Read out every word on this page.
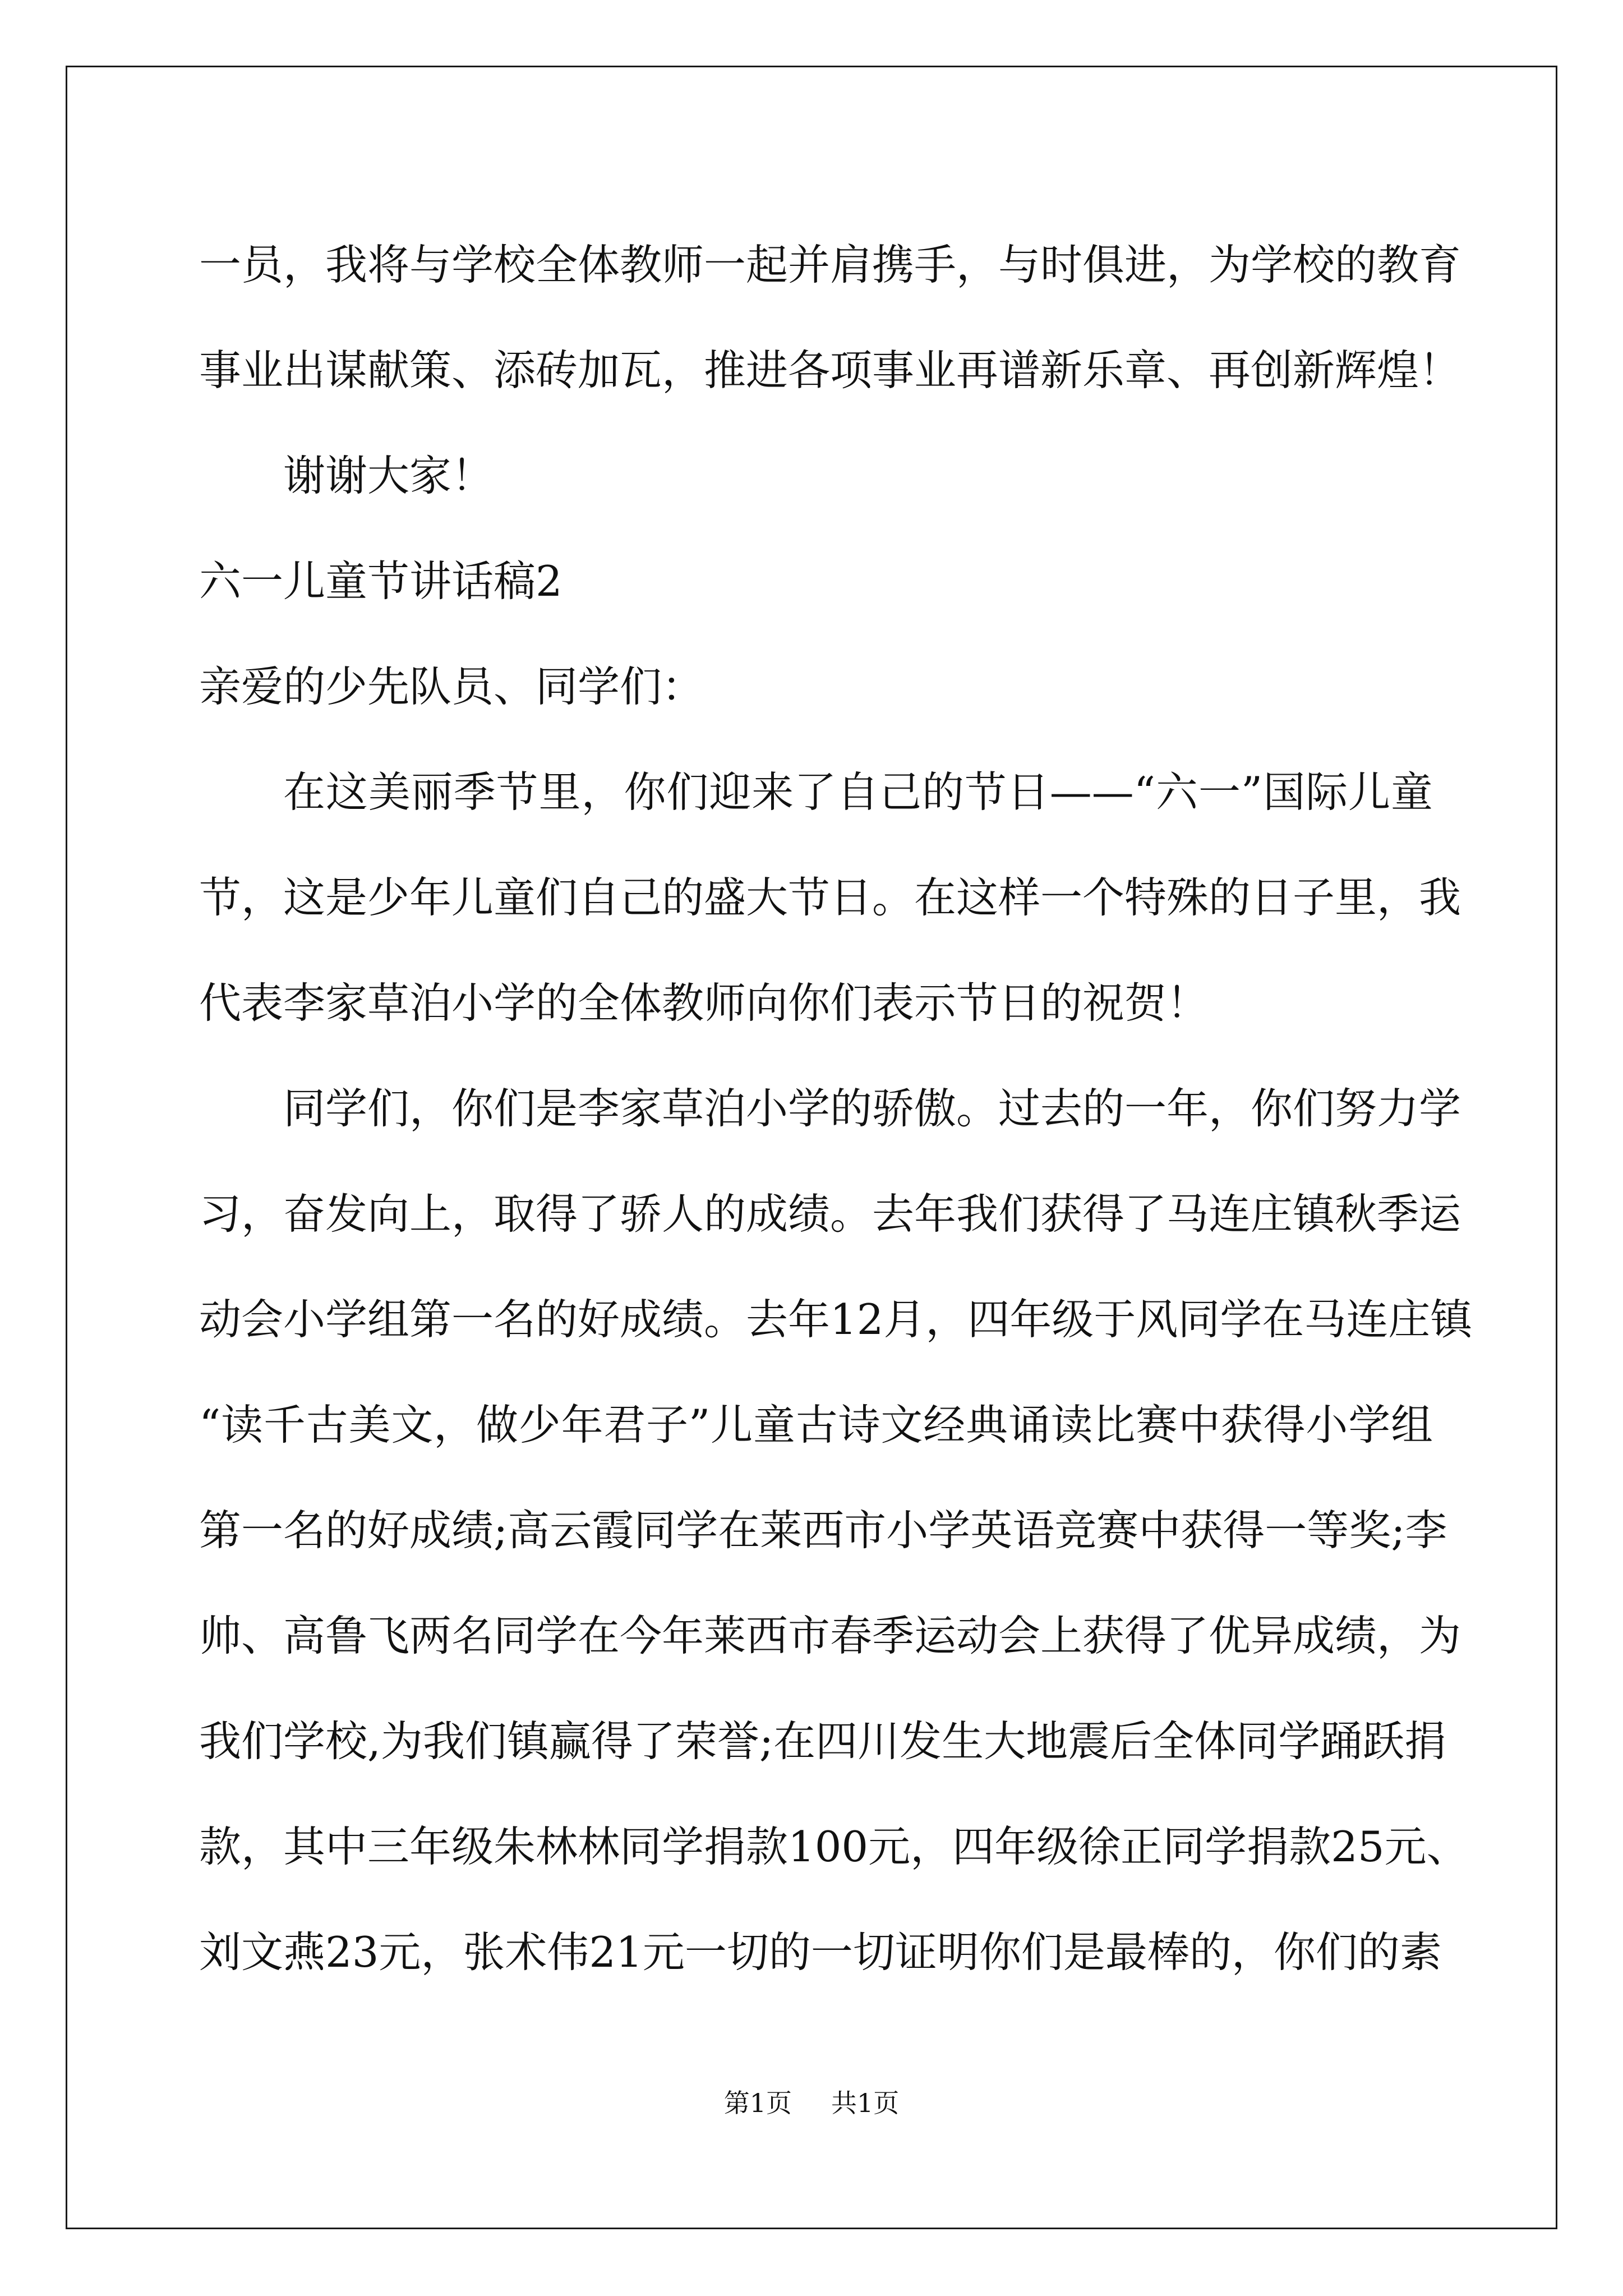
一员，我将与学校全体教师一起并肩携手，与时俱进，为学校的教育
事业出谋献策、添砖加瓦，推进各项事业再谱新乐章、再创新辉煌！
谢谢大家！
六一儿童节讲话稿2
亲爱的少先队员、同学们：
在这美丽季节里，你们迎来了自己的节日——“六一”国际儿童
节，这是少年儿童们自己的盛大节日。在这样一个特殊的日子里，我
代表李家草泊小学的全体教师向你们表示节日的祝贺！
同学们，你们是李家草泊小学的骄傲。过去的一年，你们努力学
习，奋发向上，取得了骄人的成绩。去年我们获得了马连庄镇秋季运
动会小学组第一名的好成绩。去年12月，四年级于风同学在马连庄镇
“读千古美文，做少年君子”儿童古诗文经典诵读比赛中获得小学组
第一名的好成绩;高云霞同学在莱西市小学英语竞赛中获得一等奖;李
帅、高鲁飞两名同学在今年莱西市春季运动会上获得了优异成绩，为
我们学校,为我们镇赢得了荣誉;在四川发生大地震后全体同学踊跃捐
款，其中三年级朱林林同学捐款100元，四年级徐正同学捐款25元、
刘文燕23元，张术伟21元一切的一切证明你们是最棒的，你们的素
第1页 共1页
